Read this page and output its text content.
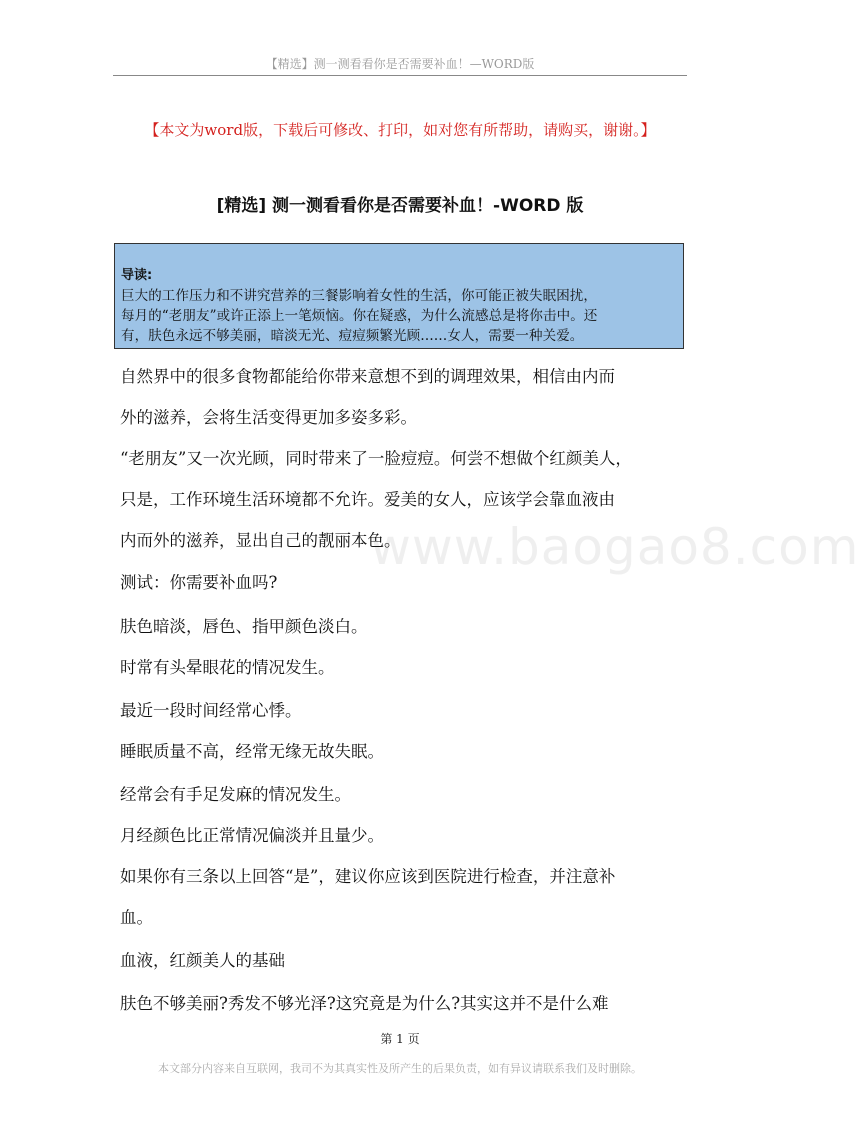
【精选】测一测看看你是否需要补血！—WORD版
【本文为word版，下载后可修改、打印，如对您有所帮助，请购买，谢谢。】
[精选] 测一测看看你是否需要补血！-WORD 版
导读:
巨大的工作压力和不讲究营养的三餐影响着女性的生活，你可能正被失眠困扰，
每月的“老朋友”或许正添上一笔烦恼。你在疑惑，为什么流感总是将你击中。还
有，肤色永远不够美丽，暗淡无光、痘痘频繁光顾……女人，需要一种关爱。
www.baogao8.com
自然界中的很多食物都能给你带来意想不到的调理效果，相信由内而
外的滋养，会将生活变得更加多姿多彩。
“老朋友”又一次光顾，同时带来了一脸痘痘。何尝不想做个红颜美人，
只是，工作环境生活环境都不允许。爱美的女人，应该学会靠血液由
内而外的滋养，显出自己的靓丽本色。
测试：你需要补血吗?
肤色暗淡，唇色、指甲颜色淡白。
时常有头晕眼花的情况发生。
最近一段时间经常心悸。
睡眠质量不高，经常无缘无故失眠。
经常会有手足发麻的情况发生。
月经颜色比正常情况偏淡并且量少。
如果你有三条以上回答“是”，建议你应该到医院进行检查，并注意补
血。
血液，红颜美人的基础
肤色不够美丽?秀发不够光泽?这究竟是为什么?其实这并不是什么难
第 1 页
本文部分内容来自互联网，我司不为其真实性及所产生的后果负责，如有异议请联系我们及时删除。
